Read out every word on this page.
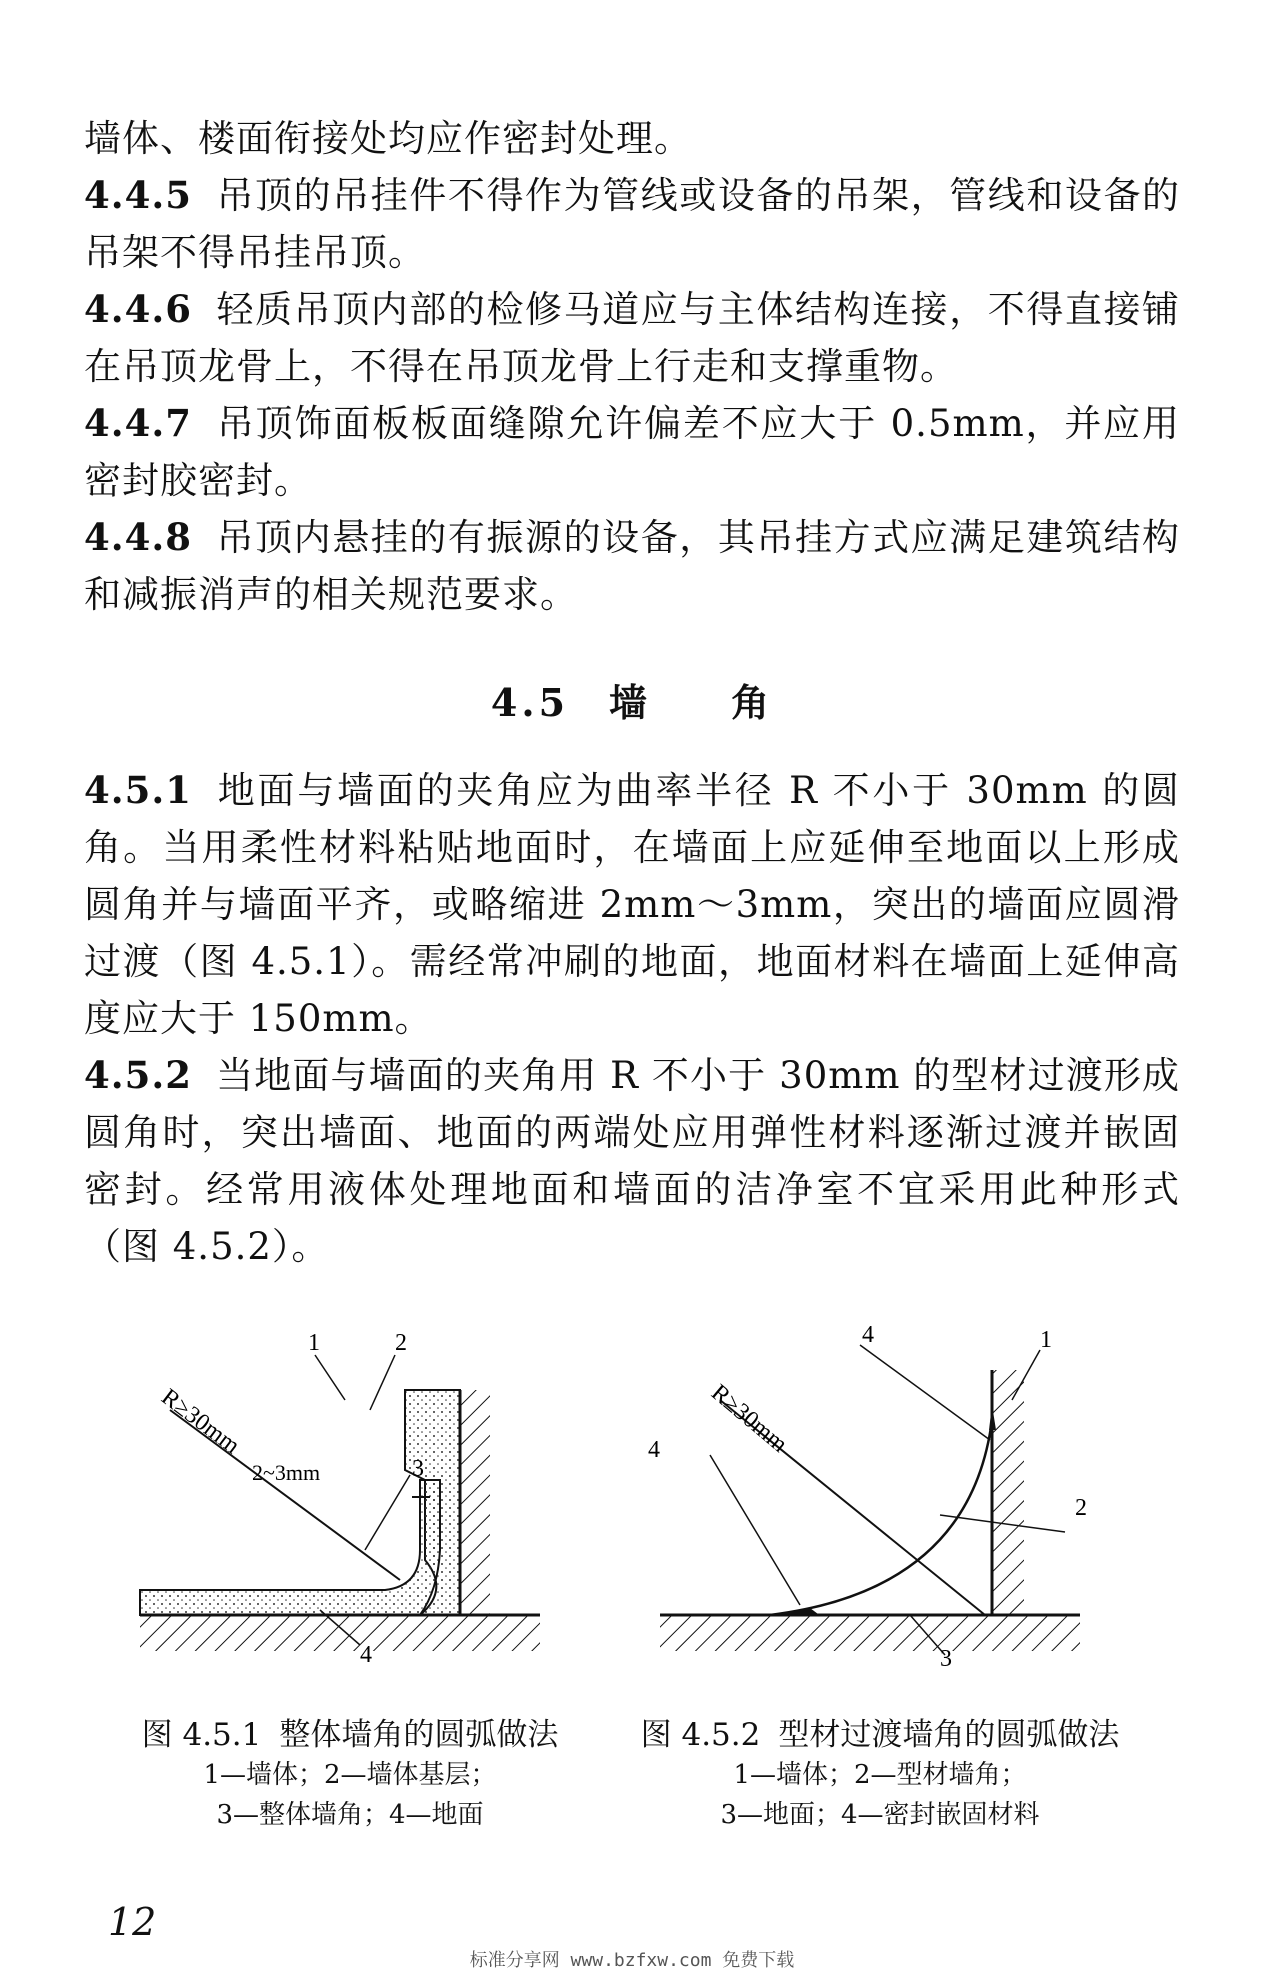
墙体、楼面衔接处均应作密封处理。

4.4.5 吊顶的吊挂件不得作为管线或设备的吊架，管线和设备的吊架不得吊挂吊顶。

4.4.6 轻质吊顶内部的检修马道应与主体结构连接，不得直接铺在吊顶龙骨上，不得在吊顶龙骨上行走和支撑重物。

4.4.7 吊顶饰面板板面缝隙允许偏差不应大于 0.5mm，并应用密封胶密封。

4.4.8 吊顶内悬挂的有振源的设备，其吊挂方式应满足建筑结构和减振消声的相关规范要求。

4.5 墙 角

4.5.1 地面与墙面的夹角应为曲率半径 R 不小于 30mm 的圆角。当用柔性材料粘贴地面时，在墙面上应延伸至地面以上形成圆角并与墙面平齐，或略缩进 2mm～3mm，突出的墙面应圆滑过渡（图 4.5.1）。需经常冲刷的地面，地面材料在墙面上延伸高度应大于 150mm。

4.5.2 当地面与墙面的夹角用 R 不小于 30mm 的型材过渡形成圆角时，突出墙面、地面的两端处应用弹性材料逐渐过渡并嵌固密封。经常用液体处理地面和墙面的洁净室不宜采用此种形式（图 4.5.2）。

R≥30mm
2~3mm
1	2
3
4
R≥30mm
4
4	1
2
3
图 4.5.1 整体墙角的圆弧做法
1—墙体；2—墙体基层；
3—整体墙角；4—地面
图 4.5.2 型材过渡墙角的圆弧做法
1—墙体；2—型材墙角；
3—地面；4—密封嵌固材料
12
标准分享网 www.bzfxw.com 免费下载
